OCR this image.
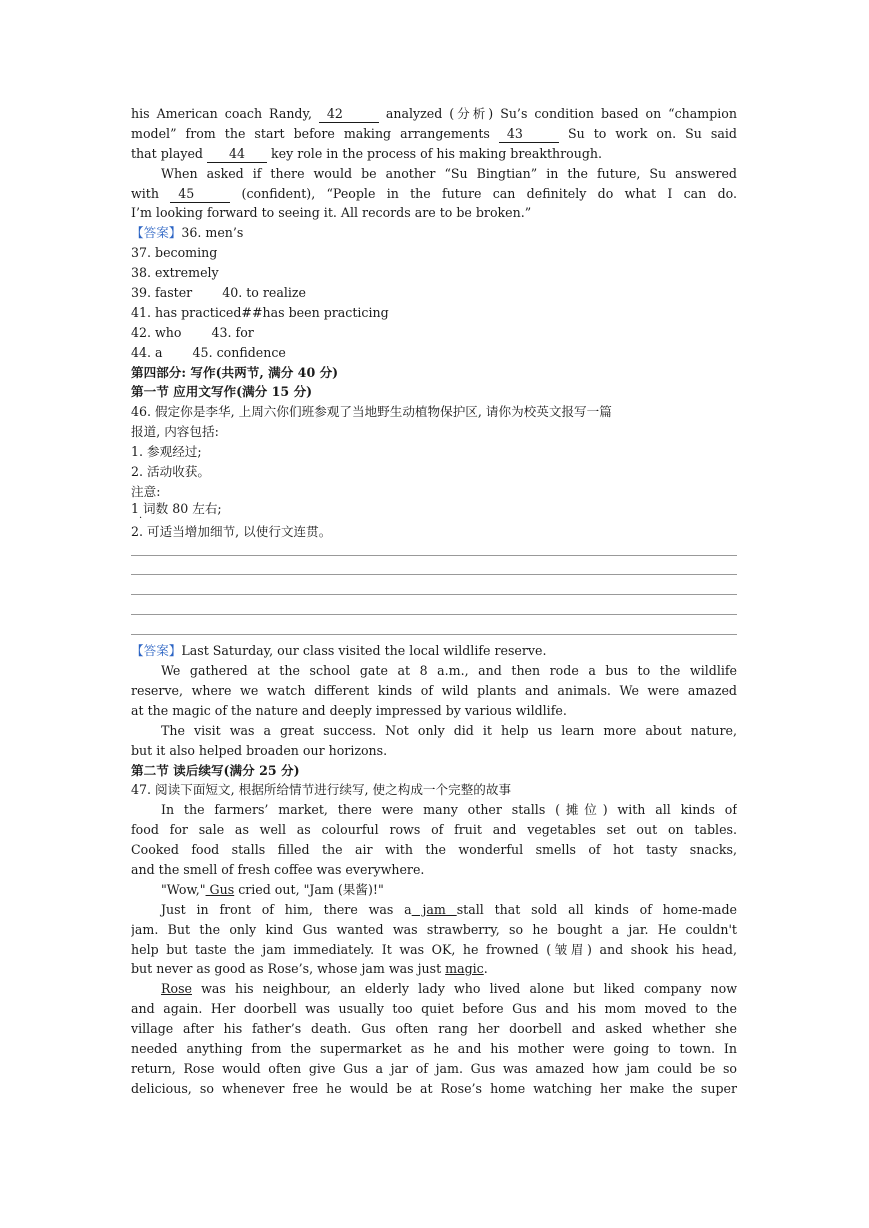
his American coach Randy, 42	analyzed (分析) Su’s condition based on “champion
model” from the start before making arrangements 43	Su to work on. Su said
that played 44 key role in the process of his making breakthrough.
When asked if there would be another “Su Bingtian” in the future, Su answered
with 45	(confident), “People in the future can definitely do what I can do.
I’m looking forward to seeing it. All records are to be broken.”
【答案】36. men’s
37. becoming
38. extremely
39. faster 40. to realize
41. has practiced##has been practicing
42. who 43. for
44. a 45. confidence
第四部分: 写作(共两节, 满分 40 分)
第一节 应用文写作(满分 15 分)
46. 假定你是李华, 上周六你们班参观了当地野生动植物保护区, 请你为校英文报写一篇
报道, 内容包括:
1. 参观经过;
2. 活动收获。
注意:
1 词数 80 左右;
·
2. 可适当增加细节, 以使行文连贯。
【答案】Last Saturday, our class visited the local wildlife reserve.
We gathered at the school gate at 8 a.m., and then rode a bus to the wildlife
reserve, where we watch different kinds of wild plants and animals. We were amazed
at the magic of the nature and deeply impressed by various wildlife.
The visit was a great success. Not only did it help us learn more about nature,
but it also helped broaden our horizons.
第二节 读后续写(满分 25 分)
47. 阅读下面短文, 根据所给情节进行续写, 使之构成一个完整的故事
In the farmers’ market, there were many other stalls (摊位) with all kinds of
food for sale as well as colourful rows of fruit and vegetables set out on tables.
Cooked food stalls filled the air with the wonderful smells of hot tasty snacks,
and the smell of fresh coffee was everywhere.
"Wow," Gus cried out, "Jam (果酱)!"
Just in front of him, there was a jam stall that sold all kinds of home-made
jam. But the only kind Gus wanted was strawberry, so he bought a jar. He couldn't
help but taste the jam immediately. It was OK, he frowned (皱眉) and shook his head,
but never as good as Rose’s, whose jam was just magic.
Rose was his neighbour, an elderly lady who lived alone but liked company now
and again. Her doorbell was usually too quiet before Gus and his mom moved to the
village after his father’s death. Gus often rang her doorbell and asked whether she
needed anything from the supermarket as he and his mother were going to town. In
return, Rose would often give Gus a jar of jam. Gus was amazed how jam could be so
delicious, so whenever free he would be at Rose’s home watching her make the super
